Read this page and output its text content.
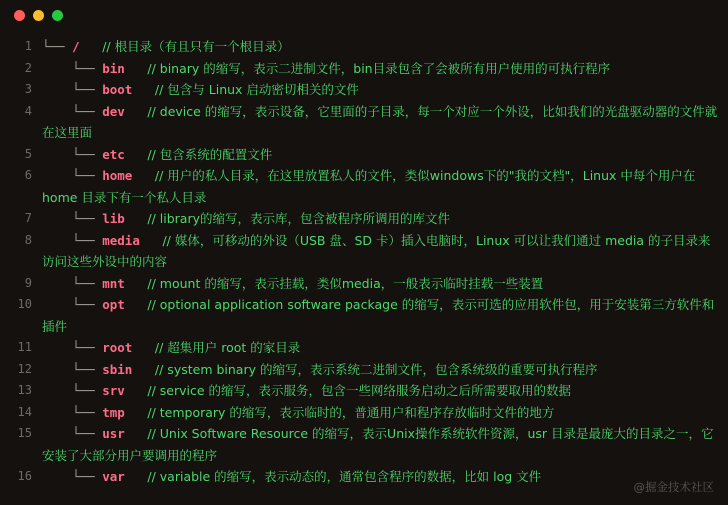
1 └── / // 根目录（有且只有一个根目录）
2 └── bin // binary 的缩写，表示二进制文件，bin目录包含了会被所有用户使用的可执行程序
3 └── boot // 包含与 Linux 启动密切相关的文件
4 └── dev // device 的缩写，表示设备，它里面的子目录，每一个对应一个外设，比如我们的光盘驱动器的文件就在这里面
5 └── etc // 包含系统的配置文件
6 └── home // 用户的私人目录，在这里放置私人的文件，类似windows下的"我的文档"，Linux 中每个用户在 home 目录下有一个私人目录
7 └── lib // library的缩写，表示库，包含被程序所调用的库文件
8 └── media // 媒体，可移动的外设（USB 盘、SD 卡）插入电脑时，Linux 可以让我们通过 media 的子目录来访问这些外设中的内容
9 └── mnt // mount 的缩写，表示挂载，类似media，一般表示临时挂载一些装置
10 └── opt // optional application software package 的缩写，表示可选的应用软件包，用于安装第三方软件和插件
11 └── root // 超集用户 root 的家目录
12 └── sbin // system binary 的缩写，表示系统二进制文件，包含系统级的重要可执行程序
13 └── srv // service 的缩写，表示服务，包含一些网络服务启动之后所需要取用的数据
14 └── tmp // temporary 的缩写，表示临时的，普通用户和程序存放临时文件的地方
15 └── usr // Unix Software Resource 的缩写，表示Unix操作系统软件资源，usr 目录是最庞大的目录之一，它安装了大部分用户要调用的程序
16 └── var // variable 的缩写，表示动态的，通常包含程序的数据，比如 log 文件
@掘金技术社区
